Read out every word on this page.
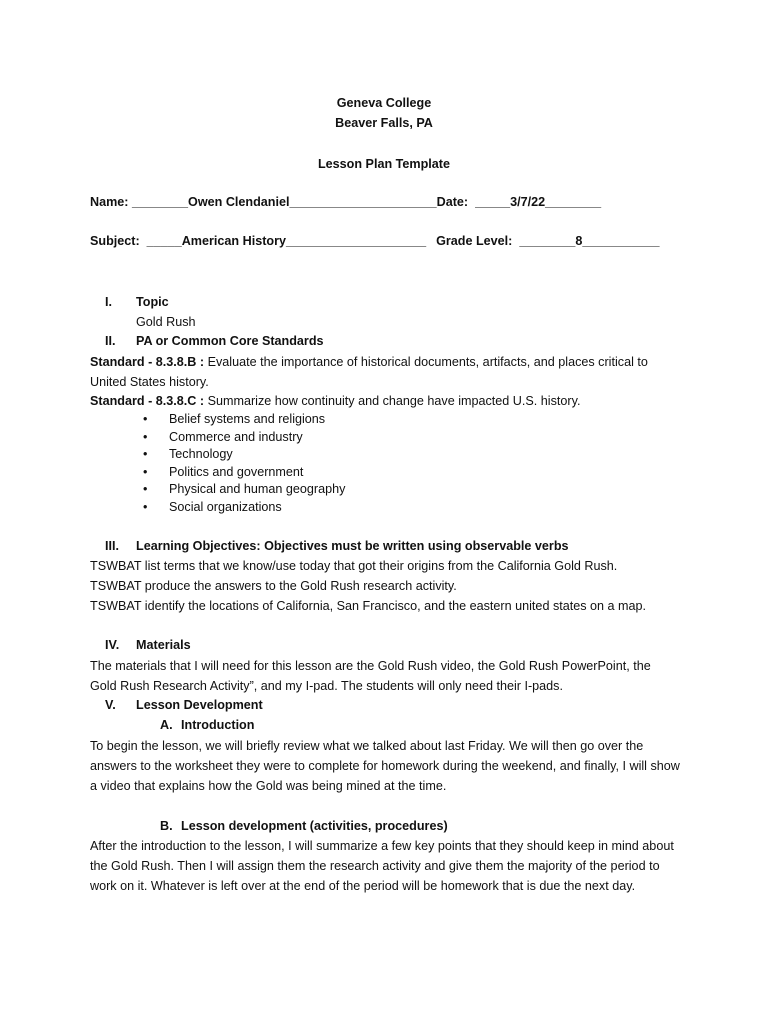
Geneva College
Beaver Falls, PA
Lesson Plan Template
Name: ________Owen Clendaniel_____________________Date:  _____3/7/22________
Subject:  _____American History____________________ Grade Level:  ________8___________
I. Topic
Gold Rush
II. PA or Common Core Standards
Standard - 8.3.8.B : Evaluate the importance of historical documents, artifacts, and places critical to United States history.
Standard - 8.3.8.C : Summarize how continuity and change have impacted U.S. history.
• Belief systems and religions
• Commerce and industry
• Technology
• Politics and government
• Physical and human geography
• Social organizations
III. Learning Objectives: Objectives must be written using observable verbs
TSWBAT list terms that we know/use today that got their origins from the California Gold Rush.
TSWBAT produce the answers to the Gold Rush research activity.
TSWBAT identify the locations of California, San Francisco, and the eastern united states on a map.
IV. Materials
The materials that I will need for this lesson are the Gold Rush video, the Gold Rush PowerPoint, the Gold Rush Research Activity”, and my I-pad. The students will only need their I-pads.
V. Lesson Development
A. Introduction
To begin the lesson, we will briefly review what we talked about last Friday. We will then go over the answers to the worksheet they were to complete for homework during the weekend, and finally, I will show a video that explains how the Gold was being mined at the time.
B. Lesson development (activities, procedures)
After the introduction to the lesson, I will summarize a few key points that they should keep in mind about the Gold Rush. Then I will assign them the research activity and give them the majority of the period to work on it. Whatever is left over at the end of the period will be homework that is due the next day.
